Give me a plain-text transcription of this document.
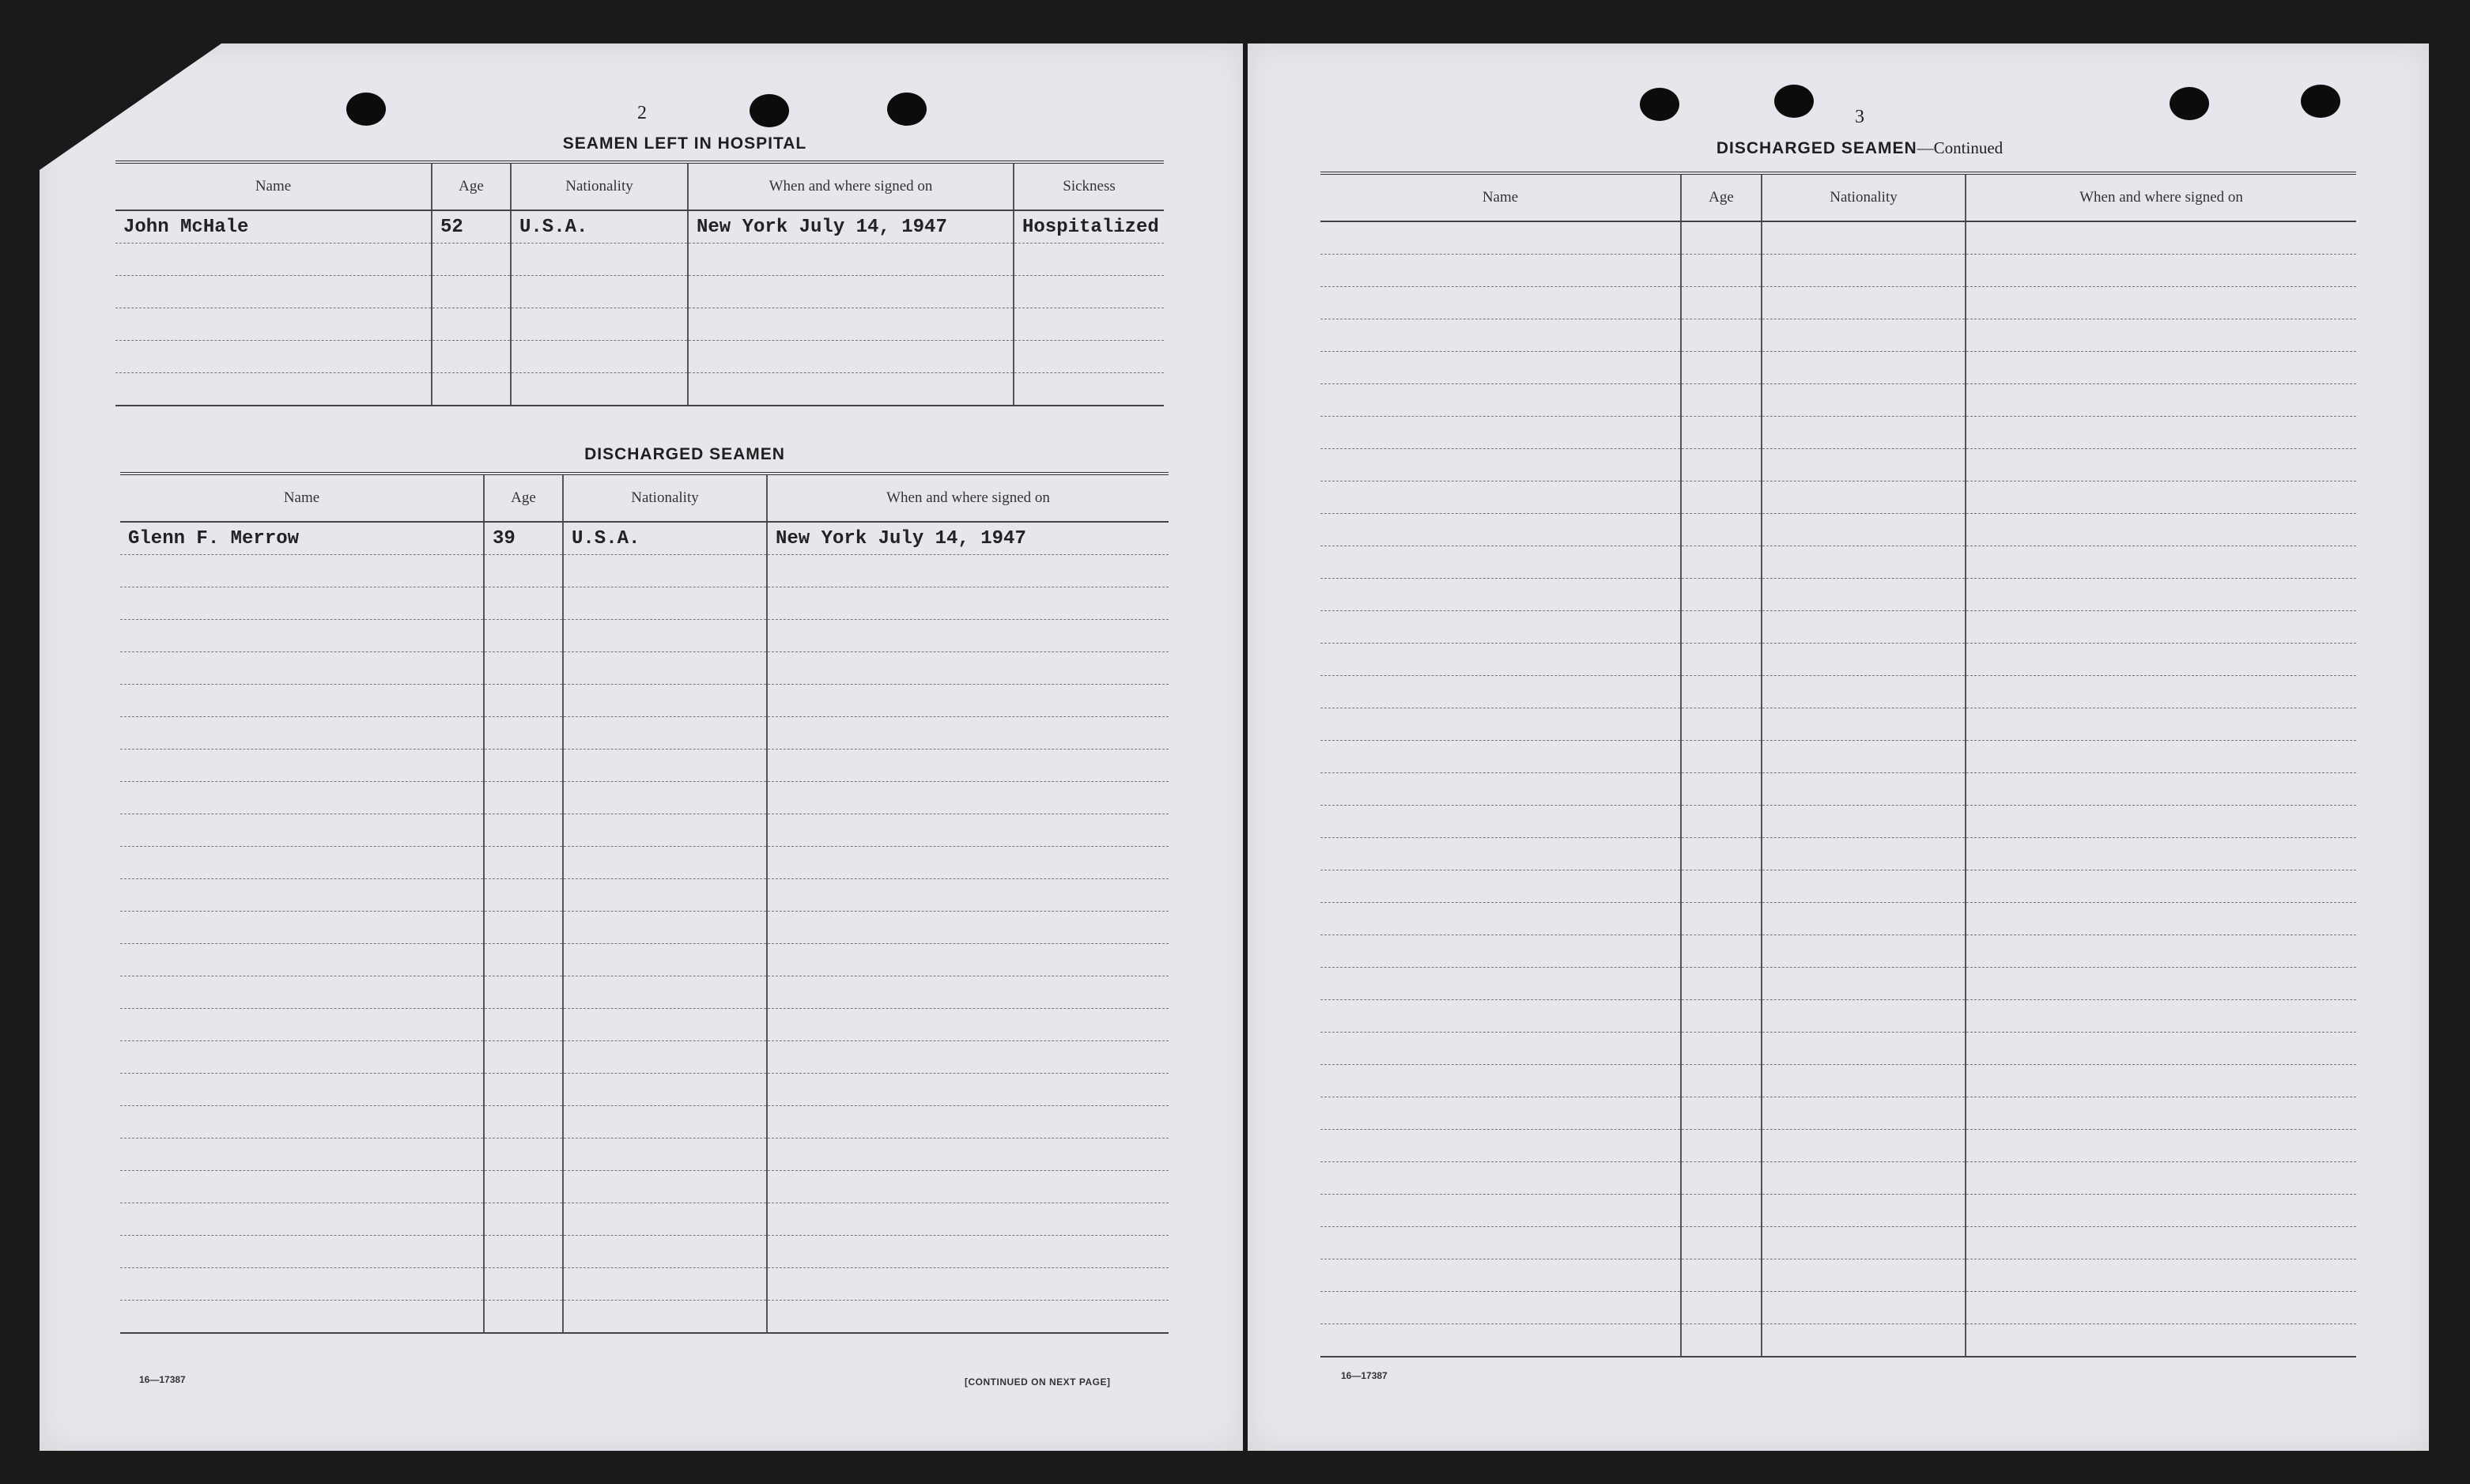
2
SEAMEN LEFT IN HOSPITAL
Name	Age	Nationality	When and where signed on	Sickness
John McHale	52	U.S.A.	New York July 14, 1947	Hospitalized

DISCHARGED SEAMEN
Name	Age	Nationality	When and where signed on
Glenn F. Merrow	39	U.S.A.	New York July 14, 1947

16—17387	[CONTINUED ON NEXT PAGE]
3
DISCHARGED SEAMEN—Continued
Name	Age	Nationality	When and where signed on

16—17387
